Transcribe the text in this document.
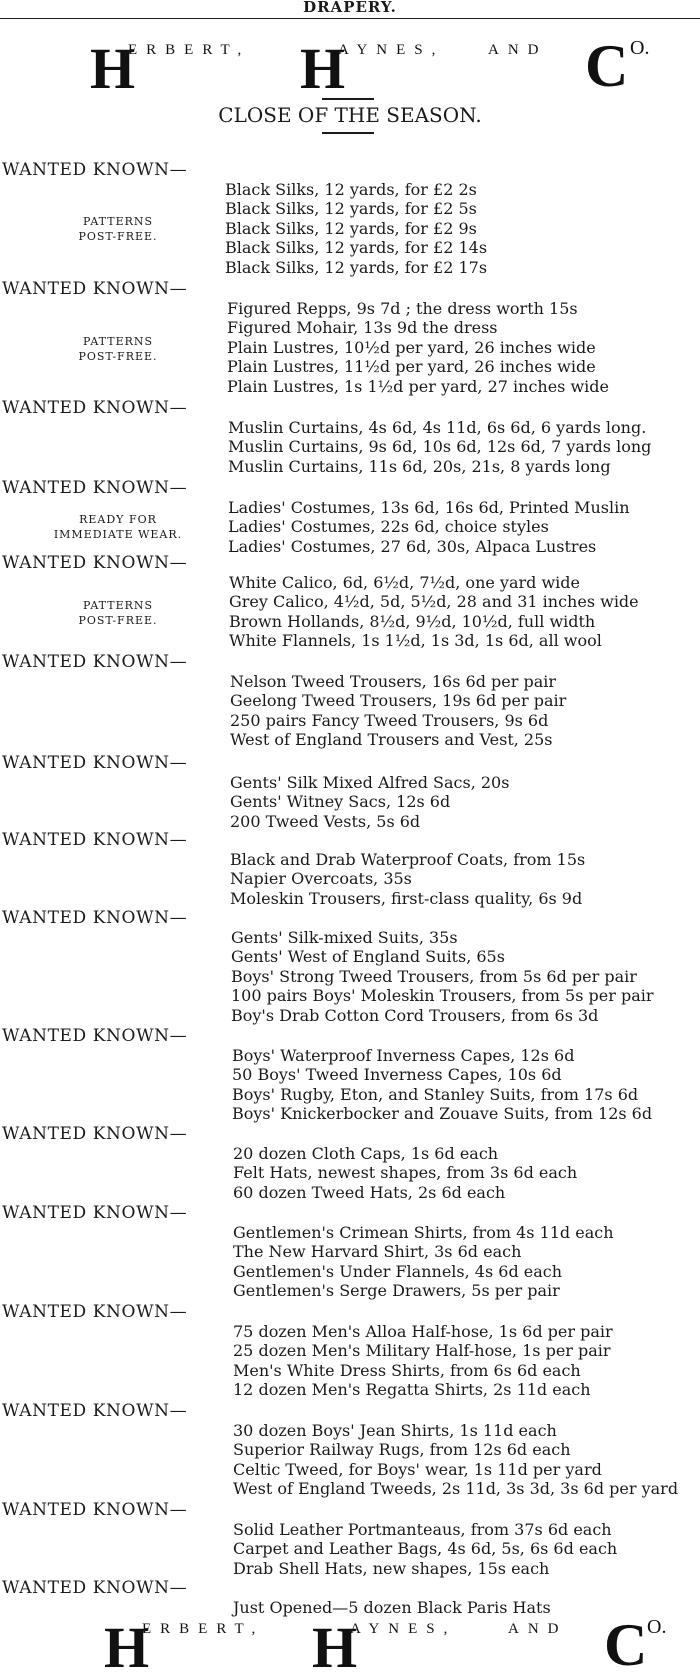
DRAPERY.
H
ERBERT, H
AYNES,	AND C O.
CLOSE OF THE SEASON.
WANTED KNOWN—
PATTERNS
POST-FREE.
Black Silks, 12 yards, for £2 2s
Black Silks, 12 yards, for £2 5s
Black Silks, 12 yards, for £2 9s
Black Silks, 12 yards, for £2 14s
Black Silks, 12 yards, for £2 17s
WANTED KNOWN—
PATTERNS
POST-FREE.
Figured Repps, 9s 7d ; the dress worth 15s
Figured Mohair, 13s 9d the dress
Plain Lustres, 10½d per yard, 26 inches wide
Plain Lustres, 11½d per yard, 26 inches wide
Plain Lustres, 1s 1½d per yard, 27 inches wide
WANTED KNOWN—
Muslin Curtains, 4s 6d, 4s 11d, 6s 6d, 6 yards long.
Muslin Curtains, 9s 6d, 10s 6d, 12s 6d, 7 yards long
Muslin Curtains, 11s 6d, 20s, 21s, 8 yards long
WANTED KNOWN—
READY FOR
IMMEDIATE WEAR.
Ladies' Costumes, 13s 6d, 16s 6d, Printed Muslin
Ladies' Costumes, 22s 6d, choice styles
Ladies' Costumes, 27 6d, 30s, Alpaca Lustres
WANTED KNOWN—
PATTERNS
POST-FREE.
White Calico, 6d, 6½d, 7½d, one yard wide
Grey Calico, 4½d, 5d, 5½d, 28 and 31 inches wide
Brown Hollands, 8½d, 9½d, 10½d, full width
White Flannels, 1s 1½d, 1s 3d, 1s 6d, all wool
WANTED KNOWN—
Nelson Tweed Trousers, 16s 6d per pair
Geelong Tweed Trousers, 19s 6d per pair
250 pairs Fancy Tweed Trousers, 9s 6d
West of England Trousers and Vest, 25s
WANTED KNOWN—
Gents' Silk Mixed Alfred Sacs, 20s
Gents' Witney Sacs, 12s 6d
200 Tweed Vests, 5s 6d
WANTED KNOWN—
Black and Drab Waterproof Coats, from 15s
Napier Overcoats, 35s
Moleskin Trousers, first-class quality, 6s 9d
WANTED KNOWN—
Gents' Silk-mixed Suits, 35s
Gents' West of England Suits, 65s
Boys' Strong Tweed Trousers, from 5s 6d per pair
100 pairs Boys' Moleskin Trousers, from 5s per pair
Boy's Drab Cotton Cord Trousers, from 6s 3d
WANTED KNOWN—
Boys' Waterproof Inverness Capes, 12s 6d
50 Boys' Tweed Inverness Capes, 10s 6d
Boys' Rugby, Eton, and Stanley Suits, from 17s 6d
Boys' Knickerbocker and Zouave Suits, from 12s 6d
WANTED KNOWN—
20 dozen Cloth Caps, 1s 6d each
Felt Hats, newest shapes, from 3s 6d each
60 dozen Tweed Hats, 2s 6d each
WANTED KNOWN—
Gentlemen's Crimean Shirts, from 4s 11d each
The New Harvard Shirt, 3s 6d each
Gentlemen's Under Flannels, 4s 6d each
Gentlemen's Serge Drawers, 5s per pair
WANTED KNOWN—
75 dozen Men's Alloa Half-hose, 1s 6d per pair
25 dozen Men's Military Half-hose, 1s per pair
Men's White Dress Shirts, from 6s 6d each
12 dozen Men's Regatta Shirts, 2s 11d each
WANTED KNOWN—
30 dozen Boys' Jean Shirts, 1s 11d each
Superior Railway Rugs, from 12s 6d each
Celtic Tweed, for Boys' wear, 1s 11d per yard
West of England Tweeds, 2s 11d, 3s 3d, 3s 6d per yard
WANTED KNOWN—
Solid Leather Portmanteaus, from 37s 6d each
Carpet and Leather Bags, 4s 6d, 5s, 6s 6d each
Drab Shell Hats, new shapes, 15s each
WANTED KNOWN—
Just Opened—5 dozen Black Paris Hats
H
ERBERT, H
AYNES,	AND C O.
